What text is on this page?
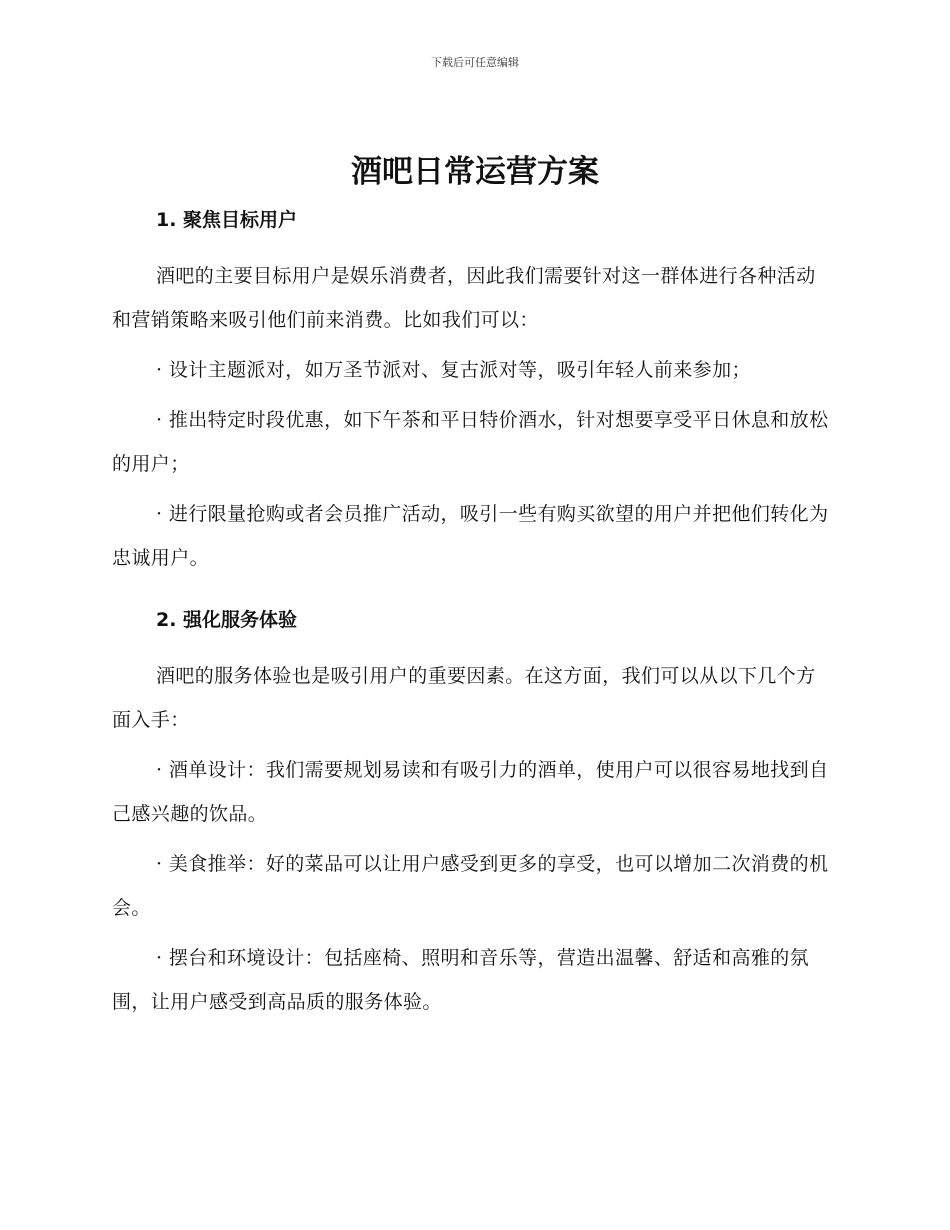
下载后可任意编辑
酒吧日常运营方案

1. 聚焦目标用户

酒吧的主要目标用户是娱乐消费者，因此我们需要针对这一群体进行各种活动和营销策略来吸引他们前来消费。比如我们可以：

· 设计主题派对，如万圣节派对、复古派对等，吸引年轻人前来参加；

· 推出特定时段优惠，如下午茶和平日特价酒水，针对想要享受平日休息和放松的用户；

· 进行限量抢购或者会员推广活动，吸引一些有购买欲望的用户并把他们转化为忠诚用户。

2. 强化服务体验

酒吧的服务体验也是吸引用户的重要因素。在这方面，我们可以从以下几个方面入手：

· 酒单设计：我们需要规划易读和有吸引力的酒单，使用户可以很容易地找到自己感兴趣的饮品。

· 美食推举：好的菜品可以让用户感受到更多的享受，也可以增加二次消费的机会。

· 摆台和环境设计：包括座椅、照明和音乐等，营造出温馨、舒适和高雅的氛围，让用户感受到高品质的服务体验。
